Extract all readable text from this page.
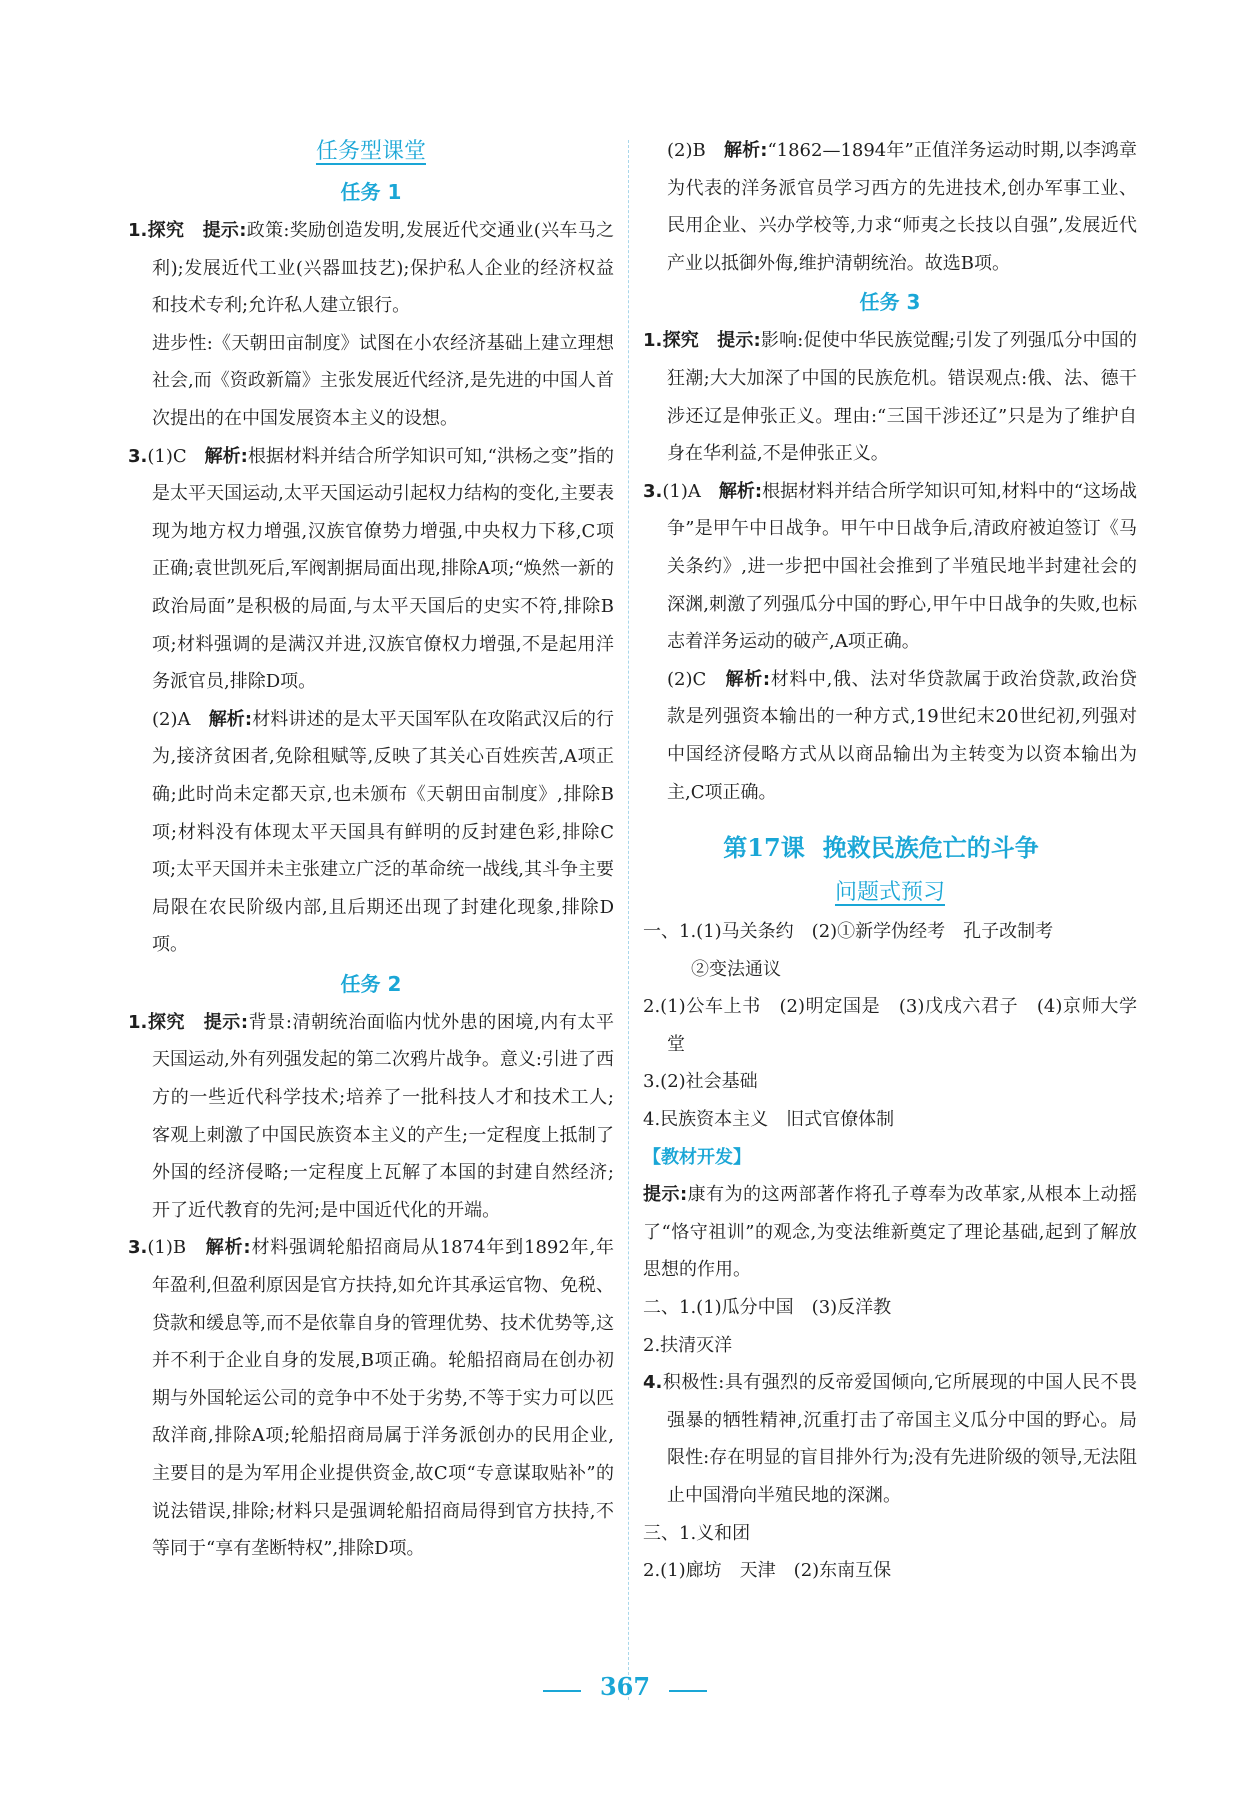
任务型课堂

任务 1

1.探究　 提示:政策:奖励创造发明,发展近代交通业(兴车马之利);发展近代工业(兴器皿技艺);保护私人企业的经济权益和技术专利;允许私人建立银行。

进步性:《天朝田亩制度》试图在小农经济基础上建立理想社会,而《资政新篇》主张发展近代经济,是先进的中国人首次提出的在中国发展资本主义的设想。

3.(1)C　 解析:根据材料并结合所学知识可知,“洪杨之变”指的是太平天国运动,太平天国运动引起权力结构的变化,主要表现为地方权力增强,汉族官僚势力增强,中央权力下移,C项正确;袁世凯死后,军阀割据局面出现,排除A项;“焕然一新的政治局面”是积极的局面,与太平天国后的史实不符,排除B项;材料强调的是满汉并进,汉族官僚权力增强,不是起用洋务派官员,排除D项。

(2)A　 解析:材料讲述的是太平天国军队在攻陷武汉后的行为,接济贫困者,免除租赋等,反映了其关心百姓疾苦,A项正确;此时尚未定都天京,也未颁布《天朝田亩制度》,排除B项;材料没有体现太平天国具有鲜明的反封建色彩,排除C项;太平天国并未主张建立广泛的革命统一战线,其斗争主要局限在农民阶级内部,且后期还出现了封建化现象,排除D项。

任务 2

1.探究　 提示:背景:清朝统治面临内忧外患的困境,内有太平天国运动,外有列强发起的第二次鸦片战争。意义:引进了西方的一些近代科学技术;培养了一批科技人才和技术工人;客观上刺激了中国民族资本主义的产生;一定程度上抵制了外国的经济侵略;一定程度上瓦解了本国的封建自然经济;开了近代教育的先河;是中国近代化的开端。

3.(1)B　 解析:材料强调轮船招商局从1874年到1892年,年年盈利,但盈利原因是官方扶持,如允许其承运官物、免税、贷款和缓息等,而不是依靠自身的管理优势、技术优势等,这并不利于企业自身的发展,B项正确。轮船招商局在创办初期与外国轮运公司的竞争中不处于劣势,不等于实力可以匹敌洋商,排除A项;轮船招商局属于洋务派创办的民用企业,主要目的是为军用企业提供资金,故C项“专意谋取贴补”的说法错误,排除;材料只是强调轮船招商局得到官方扶持,不等同于“享有垄断特权”,排除D项。

(2)B　 解析:“1862—1894年”正值洋务运动时期,以李鸿章为代表的洋务派官员学习西方的先进技术,创办军事工业、民用企业、兴办学校等,力求“师夷之长技以自强”,发展近代产业以抵御外侮,维护清朝统治。故选B项。

任务 3

1.探究　 提示:影响:促使中华民族觉醒;引发了列强瓜分中国的狂潮;大大加深了中国的民族危机。错误观点:俄、法、德干涉还辽是伸张正义。理由:“三国干涉还辽”只是为了维护自身在华利益,不是伸张正义。

3.(1)A　 解析:根据材料并结合所学知识可知,材料中的“这场战争”是甲午中日战争。甲午中日战争后,清政府被迫签订《马关条约》,进一步把中国社会推到了半殖民地半封建社会的深渊,刺激了列强瓜分中国的野心,甲午中日战争的失败,也标志着洋务运动的破产,A项正确。

(2)C　 解析:材料中,俄、法对华贷款属于政治贷款,政治贷款是列强资本输出的一种方式,19世纪末20世纪初,列强对中国经济侵略方式从以商品输出为主转变为以资本输出为主,C项正确。

第17课 挽救民族危亡的斗争

问题式预习

一、1.(1)马关条约　(2)①新学伪经考　孔子改制考

②变法通议

2.(1)公车上书　(2)明定国是　(3)戊戌六君子　(4)京师大学堂

3.(2)社会基础

4.民族资本主义　旧式官僚体制

【教材开发】

提示:康有为的这两部著作将孔子尊奉为改革家,从根本上动摇了“恪守祖训”的观念,为变法维新奠定了理论基础,起到了解放思想的作用。

二、1.(1)瓜分中国　(3)反洋教

2.扶清灭洋

4.积极性:具有强烈的反帝爱国倾向,它所展现的中国人民不畏强暴的牺牲精神,沉重打击了帝国主义瓜分中国的野心。局限性:存在明显的盲目排外行为;没有先进阶级的领导,无法阻止中国滑向半殖民地的深渊。

三、1.义和团

2.(1)廊坊　天津　(2)东南互保

367
